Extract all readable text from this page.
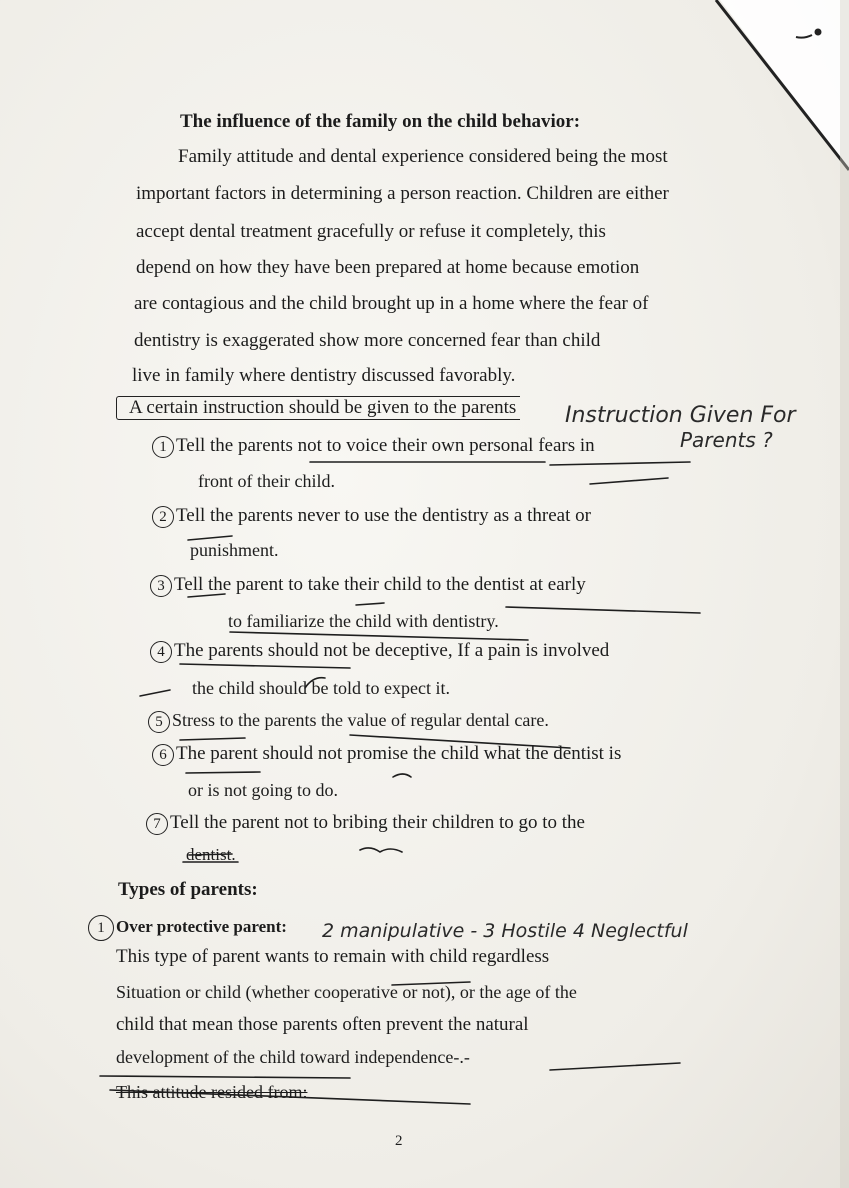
The influence of the family on the child behavior:
Family attitude and dental experience considered being the most
important factors in determining a person reaction. Children are either
accept dental treatment gracefully or refuse it completely, this
depend on how they have been prepared at home because emotion
are contagious and the child brought up in a home where the fear of
dentistry is exaggerated show more concerned fear than child
live in family where dentistry discussed favorably.
A certain instruction should be given to the parents Instruction Given For
Parents ?
1 Tell the parents not to voice their own personal fears in
front of their child.
2 Tell the parents never to use the dentistry as a threat or
punishment.
3 Tell the parent to take their child to the dentist at early
to familiarize the child with dentistry.
4 The parents should not be deceptive, If a pain is involved
the child should be told to expect it.
5 Stress to the parents the value of regular dental care.
6 The parent should not promise the child what the dentist is
or is not going to do.
7 Tell the parent not to bribing their children to go to the
dentist.
Types of parents:
1 Over protective parent: 2 manipulative - 3 Hostile 4 Neglectful
This type of parent wants to remain with child regardless
Situation or child (whether cooperative or not), or the age of the
child that mean those parents often prevent the natural
development of the child toward independence-.-
This attitude resided from:
2
